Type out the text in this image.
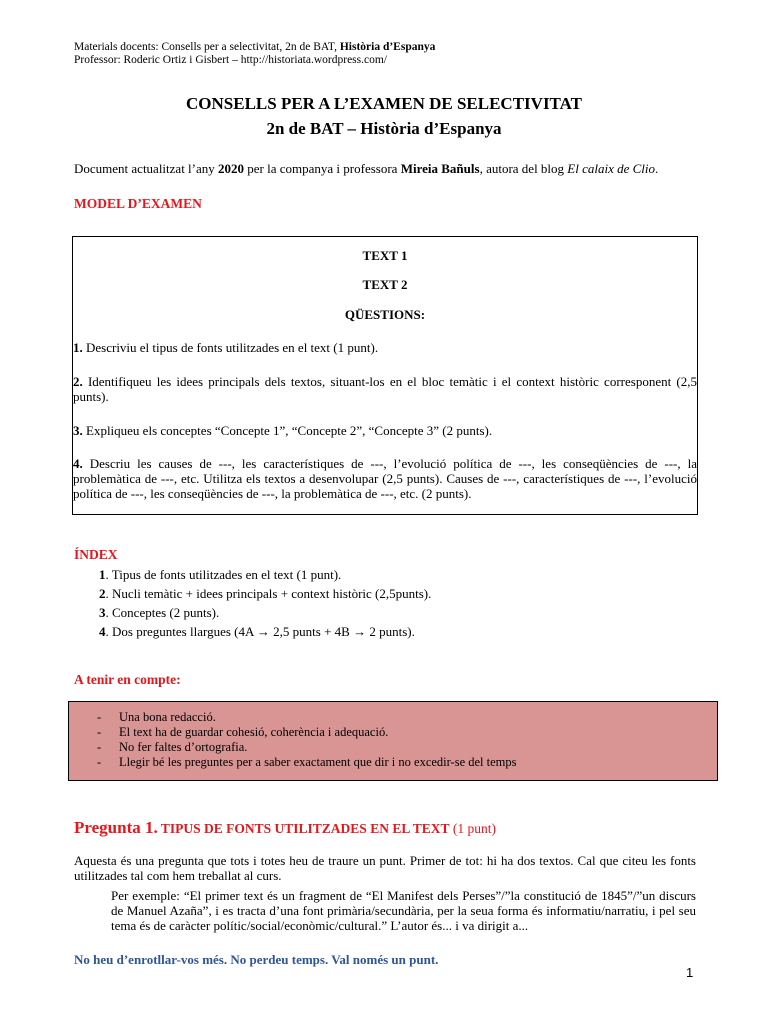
Materials docents: Consells per a selectivitat, 2n de BAT, Història d’Espanya
Professor: Roderic Ortiz i Gisbert – http://historiata.wordpress.com/
CONSELLS PER A L’EXAMEN DE SELECTIVITAT
2n de BAT – Història d’Espanya
Document actualitzat l’any 2020 per la companya i professora Mireia Bañuls, autora del blog El calaix de Clio.
MODEL D’EXAMEN
TEXT 1
TEXT 2
QÜESTIONS:
1. Descriviu el tipus de fonts utilitzades en el text (1 punt).
2. Identifiqueu les idees principals dels textos, situant-los en el bloc temàtic i el context històric corresponent (2,5 punts).
3. Expliqueu els conceptes “Concepte 1”, “Concepte 2”, “Concepte 3” (2 punts).
4. Descriu les causes de ---, les característiques de ---, l’evolució política de ---, les conseqüències de ---, la problemàtica de ---, etc. Utilitza els textos a desenvolupar (2,5 punts). Causes de ---, característiques de ---, l’evolució política de ---, les conseqüències de ---, la problemàtica de ---, etc. (2 punts).
ÍNDEX
1. Tipus de fonts utilitzades en el text (1 punt).
2. Nucli temàtic + idees principals + context històric (2,5punts).
3. Conceptes (2 punts).
4. Dos preguntes llargues (4A → 2,5 punts + 4B → 2 punts).
A tenir en compte:
- Una bona redacció.
- El text ha de guardar cohesió, coherència i adequació.
- No fer faltes d’ortografia.
- Llegir bé les preguntes per a saber exactament que dir i no excedir-se del temps
Pregunta 1. TIPUS DE FONTS UTILITZADES EN EL TEXT (1 punt)
Aquesta és una pregunta que tots i totes heu de traure un punt. Primer de tot: hi ha dos textos. Cal que citeu les fonts utilitzades tal com hem treballat al curs.
Per exemple: “El primer text és un fragment de “El Manifest dels Perses”/”la constitució de 1845”/”un discurs de Manuel Azaña”, i es tracta d’una font primària/secundària, per la seua forma és informatiu/narratiu, i pel seu tema és de caràcter polític/social/econòmic/cultural.” L’autor és... i va dirigit a...
No heu d’enrotllar-vos més. No perdeu temps. Val només un punt.
1
